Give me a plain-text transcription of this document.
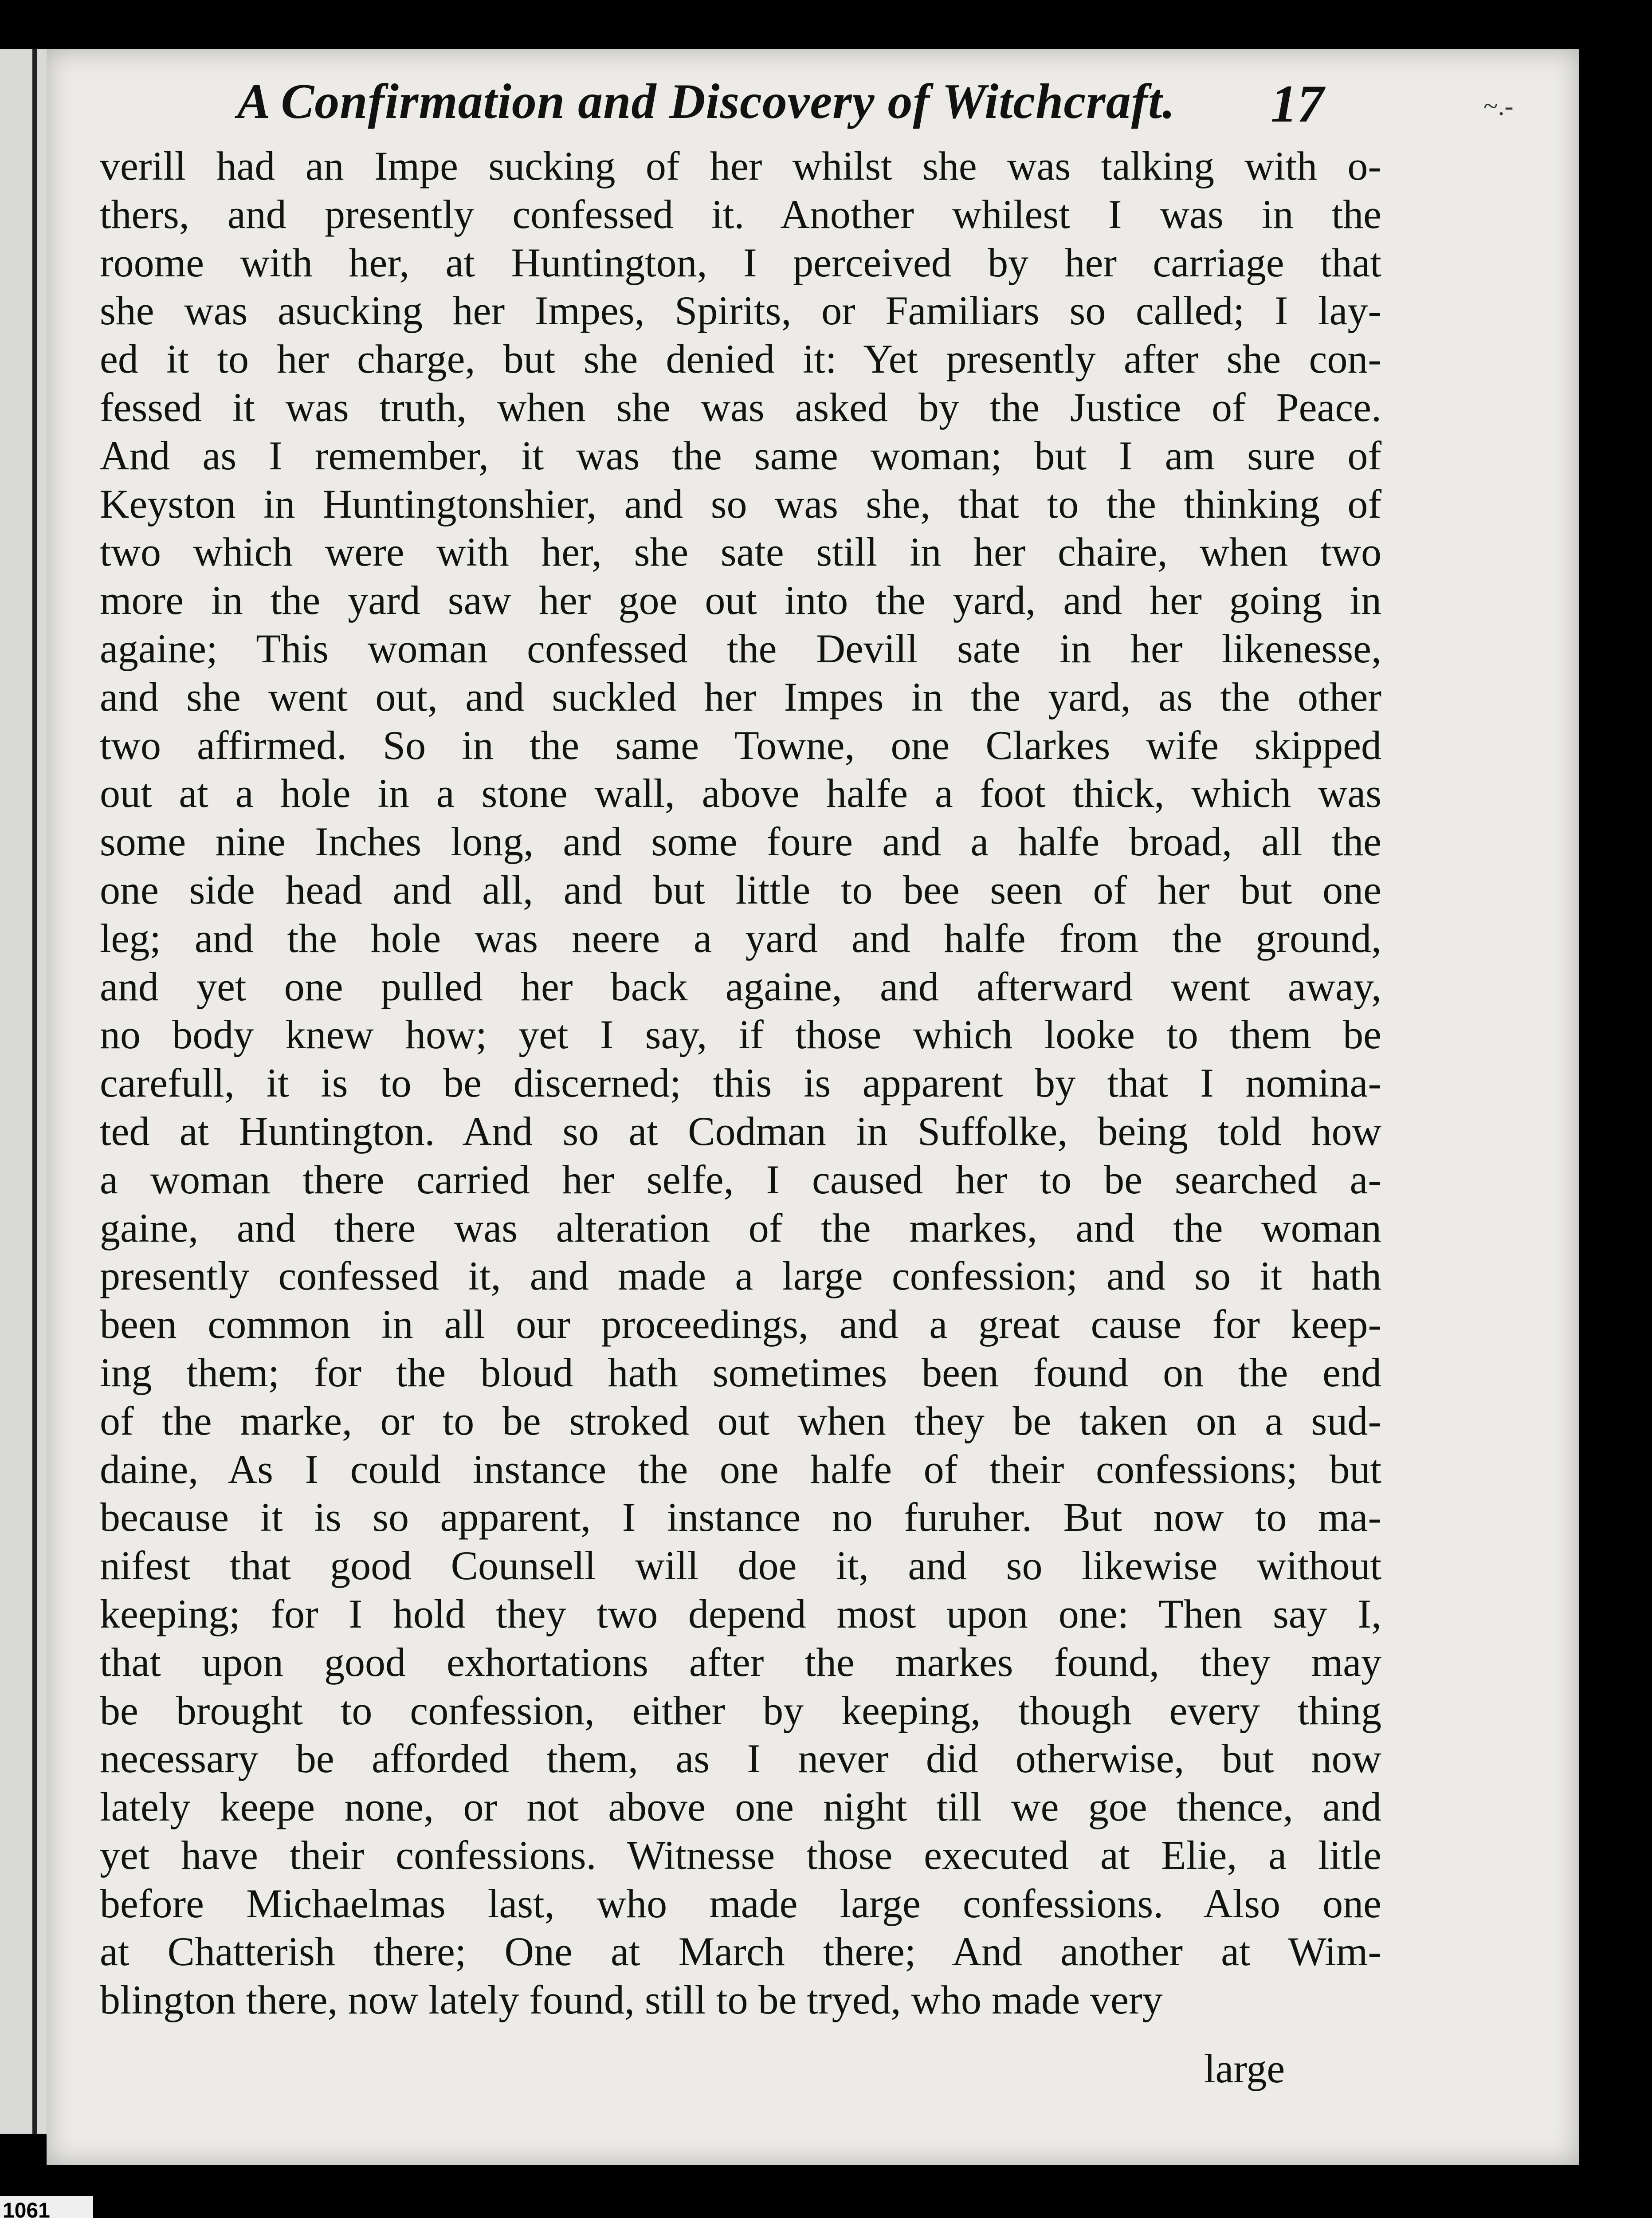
A Confirmation and Discovery of Witchcraft. 17	~.-
verill had an Impe sucking of her whilst she was talking with o-
thers, and presently confessed it. Another whilest I was in the
roome with her, at Huntington, I perceived by her carriage that
she was asucking her Impes, Spirits, or Familiars so called; I lay-
ed it to her charge, but she denied it: Yet presently after she con-
fessed it was truth, when she was asked by the Justice of Peace.
And as I remember, it was the same woman; but I am sure of
Keyston in Huntingtonshier, and so was she, that to the thinking of
two which were with her, she sate still in her chaire, when two
more in the yard saw her goe out into the yard, and her going in
againe; This woman confessed the Devill sate in her likenesse,
and she went out, and suckled her Impes in the yard, as the other
two affirmed. So in the same Towne, one Clarkes wife skipped
out at a hole in a stone wall, above halfe a foot thick, which was
some nine Inches long, and some foure and a halfe broad, all the
one side head and all, and but little to bee seen of her but one
leg; and the hole was neere a yard and halfe from the ground,
and yet one pulled her back againe, and afterward went away,
no body knew how; yet I say, if those which looke to them be
carefull, it is to be discerned; this is apparent by that I nomina-
ted at Huntington. And so at Codman in Suffolke, being told how
a woman there carried her selfe, I caused her to be searched a-
gaine, and there was alteration of the markes, and the woman
presently confessed it, and made a large confession; and so it hath
been common in all our proceedings, and a great cause for keep-
ing them; for the bloud hath sometimes been found on the end
of the marke, or to be stroked out when they be taken on a sud-
daine, As I could instance the one halfe of their confessions; but
because it is so apparent, I instance no furuher. But now to ma-
nifest that good Counsell will doe it, and so likewise without
keeping; for I hold they two depend most upon one: Then say I,
that upon good exhortations after the markes found, they may
be brought to confession, either by keeping, though every thing
necessary be afforded them, as I never did otherwise, but now
lately keepe none, or not above one night till we goe thence, and
yet have their confessions. Witnesse those executed at Elie, a litle
before Michaelmas last, who made large confessions. Also one
at Chatterish there; One at March there; And another at Wim-
blington there, now lately found, still to be tryed, who made very
large
1061
